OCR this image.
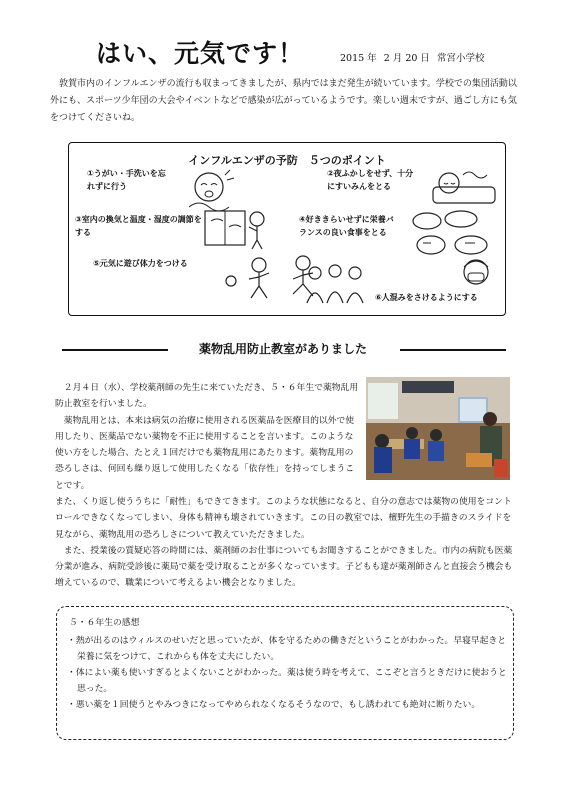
はい、元気です！	2015 年 2 月 20 日 常宮小学校

敦賀市内のインフルエンザの流行も収まってきましたが、県内ではまだ発生が続いています。学校での集団活動以外にも、スポーツ少年団の大会やイベントなどで感染が広がっているようです。楽しい週末ですが、過ごし方にも気をつけてくださいね。

インフルエンザの予防　５つのポイント
①うがい・手洗いを忘れずに行う
②夜ふかしをせず、十分にすいみんをとる
③室内の換気と温度・湿度の調節をする
④好ききらいせずに栄養バランスの良い食事をとる
⑤元気に遊び体力をつける
⑥人混みをさけるようにする
薬物乱用防止教室がありました

２月４日（水）、学校薬剤師の先生に来ていただき、５・６年生で薬物乱用防止教室を行いました。

薬物乱用とは、本来は病気の治療に使用される医薬品を医療目的以外で使用したり、医薬品でない薬物を不正に使用することを言います。このような使い方をした場合、たとえ１回だけでも薬物乱用にあたります。薬物乱用の恐ろしさは、何回も繰り返して使用したくなる「依存性」を持ってしまうことです。

また、くり返し使ううちに「耐性」もできてきます。このような状態になると、自分の意志では薬物の使用をコントロールできなくなってしまい、身体も精神も壊されていきます。この日の教室では、檀野先生の手描きのスライドを見ながら、薬物乱用の恐ろしさについて教えていただきました。

また、授業後の質疑応答の時間には、薬剤師のお仕事についてもお聞きすることができました。市内の病院も医薬分業が進み、病院受診後に薬局で薬を受け取ることが多くなっています。子どもも達が薬剤師さんと直接会う機会も増えているので、職業について考えるよい機会となりました。

５・６年生の感想
・ 熱が出るのはウィルスのせいだと思っていたが、体を守るための働きだということがわかった。早寝早起きと栄養に気をつけて、これからも体を丈夫にしたい。
・ 体によい薬も使いすぎるとよくないことがわかった。薬は使う時を考えて、ここぞと言うときだけに使おうと思った。
・ 悪い薬を１回使うとやみつきになってやめられなくなるそうなので、もし誘われても絶対に断りたい。
